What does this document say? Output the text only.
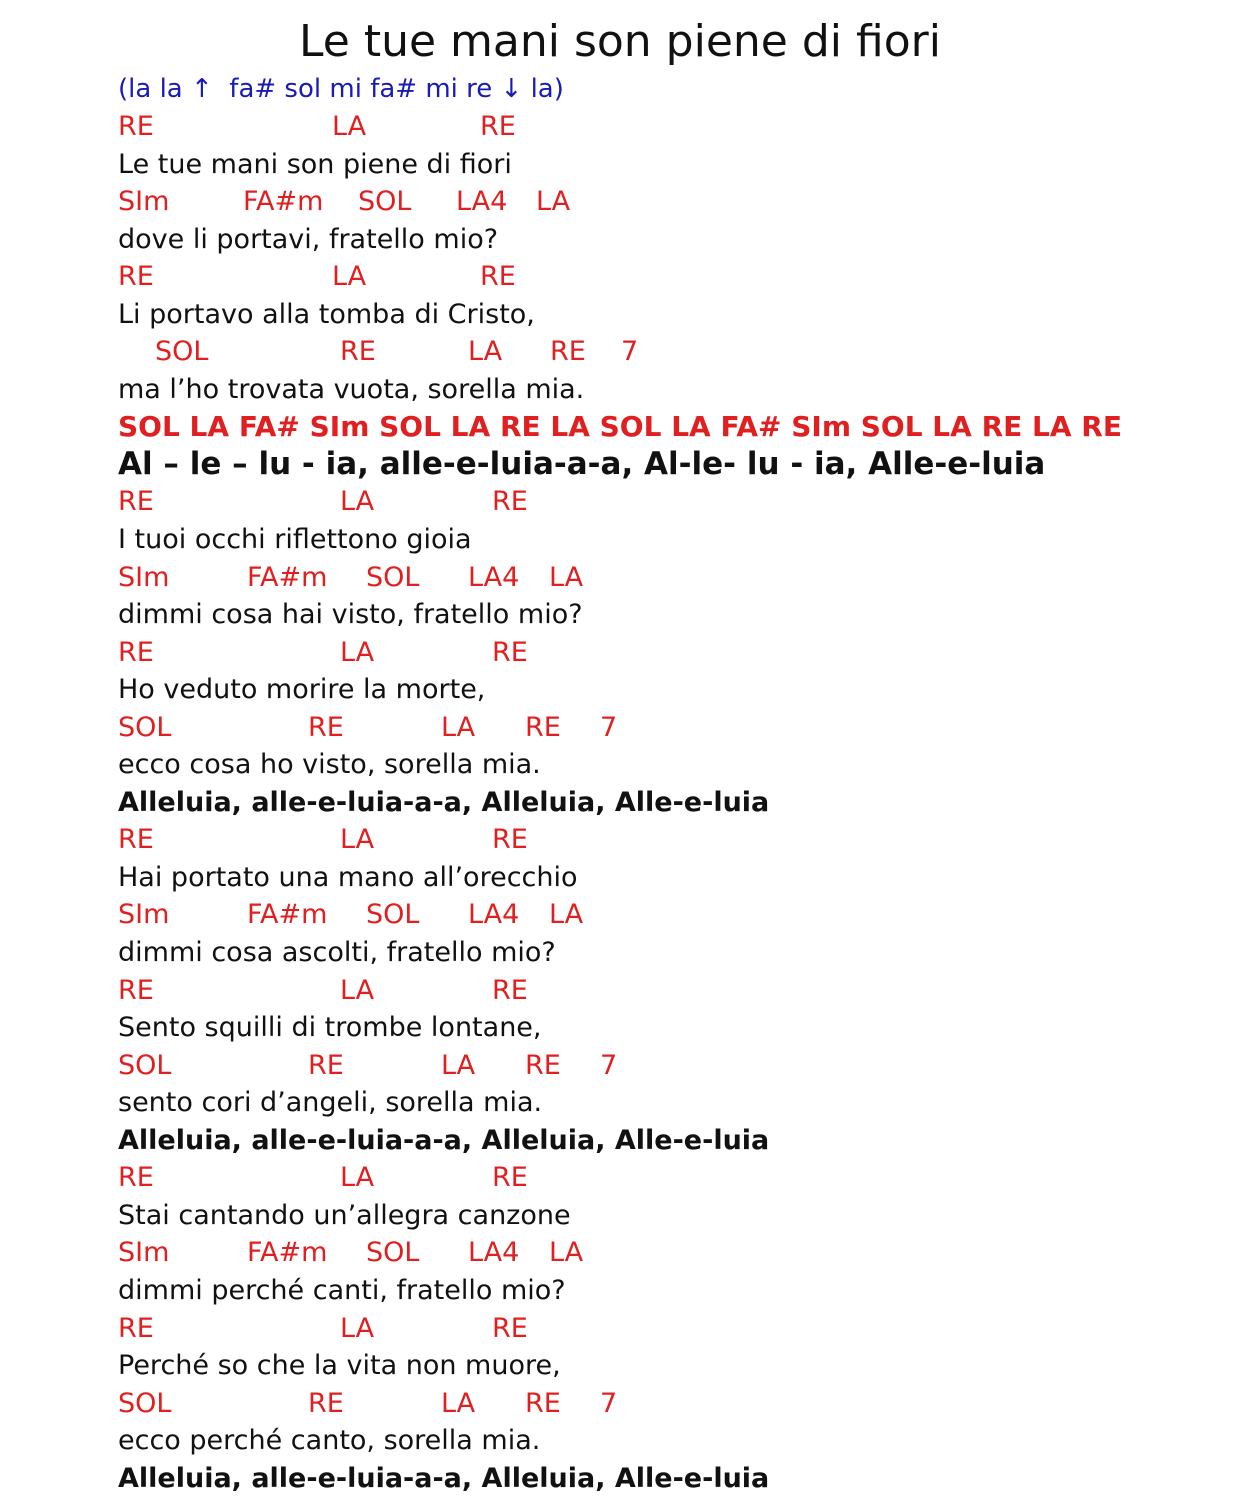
Le tue mani son piene di fiori
(la la ↑  fa# sol mi fa# mi re ↓ la)
RE	LA	RE
Le tue mani son piene di fiori
SIm	FA#m SOL LA4 LA
dove li portavi, fratello mio?
RE	LA	RE
Li portavo alla tomba di Cristo,
SOL	RE	LA RE 7
ma l’ho trovata vuota, sorella mia.
SOL LA FA# SIm SOL LA RE LA SOL LA FA# SIm SOL LA RE LA RE
Al – le – lu - ia, alle-e-luia-a-a, Al-le- lu - ia, Alle-e-luia
RE	LA	RE
I tuoi occhi riflettono gioia
SIm	FA#m SOL LA4 LA
dimmi cosa hai visto, fratello mio?
RE	LA	RE
Ho veduto morire la morte,
SOL	RE	LA RE 7
ecco cosa ho visto, sorella mia.
Alleluia, alle-e-luia-a-a, Alleluia, Alle-e-luia
RE	LA	RE
Hai portato una mano all’orecchio
SIm	FA#m SOL LA4 LA
dimmi cosa ascolti, fratello mio?
RE	LA	RE
Sento squilli di trombe lontane,
SOL	RE	LA RE 7
sento cori d’angeli, sorella mia.
Alleluia, alle-e-luia-a-a, Alleluia, Alle-e-luia
RE	LA	RE
Stai cantando un’allegra canzone
SIm	FA#m SOL LA4 LA
dimmi perché canti, fratello mio?
RE	LA	RE
Perché so che la vita non muore,
SOL	RE	LA RE 7
ecco perché canto, sorella mia.
Alleluia, alle-e-luia-a-a, Alleluia, Alle-e-luia
